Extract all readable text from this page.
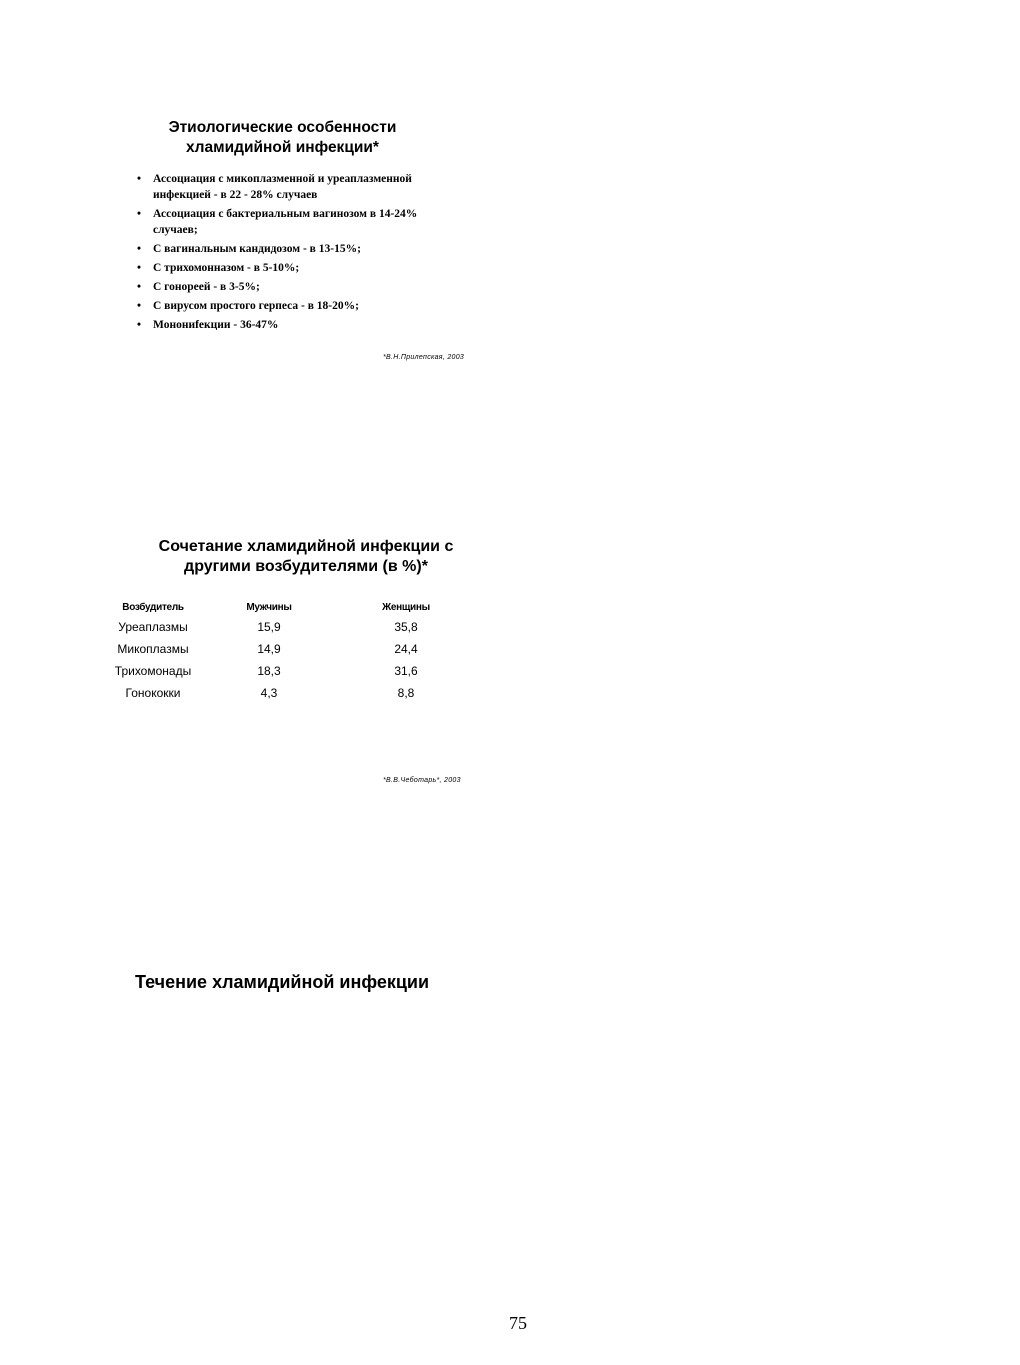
Этиологические особенности
хламидийной инфекции*
• Ассоциация с микоплазменной и уреаплазменной
инфекцией - в 22 - 28% случаев
• Ассоциация с бактериальным вагинозом в 14-24%
случаев;
• С вагинальным кандидозом - в 13-15%;
• С трихомонназом - в 5-10%;
• С гонореей - в 3-5%;
• С вирусом простого герпеса - в 18-20%;
• Монониfекции - 36-47%
*В.Н.Прилепская, 2003
Сочетание хламидийной инфекции с
другими возбудителями (в %)*
Возбудитель	Мужчины	Женщины
Уреаплазмы	15,9	35,8
Микоплазмы	14,9	24,4
Трихомонады	18,3	31,6
Гонококки	4,3	8,8
*В.В.Чеботарь*, 2003
Течение хламидийной инфекции
75
